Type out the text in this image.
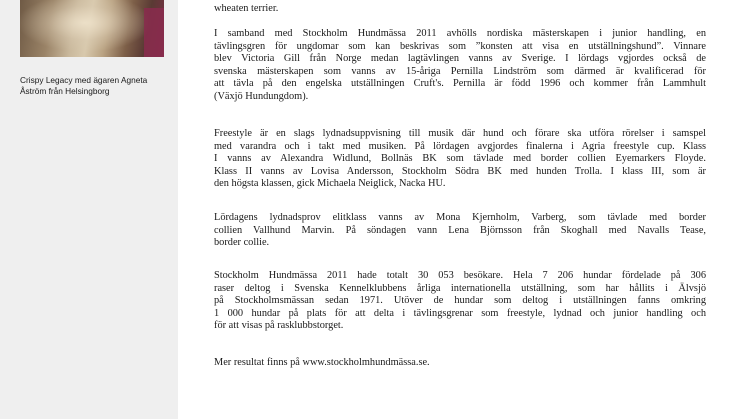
Crispy Legacy med ägaren Agneta
Åström från Helsingborg

wheaten terrier.
I samband med Stockholm Hundmässa 2011 avhölls nordiska mästerskapen i junior handling, en
tävlingsgren för ungdomar som kan beskrivas som ”konsten att visa en utställningshund”. Vinnare
blev Victoria Gill från Norge medan lagtävlingen vanns av Sverige. I lördags vgjordes också de
svenska mästerskapen som vanns av 15-åriga Pernilla Lindström som därmed är kvalificerad för
att tävla på den engelska utställningen Cruft's. Pernilla är född 1996 och kommer från Lammhult
(Växjö Hundungdom).
Freestyle är en slags lydnadsuppvisning till musik där hund och förare ska utföra rörelser i samspel
med varandra och i takt med musiken. På lördagen avgjordes finalerna i Agria freestyle cup. Klass
I vanns av Alexandra Widlund, Bollnäs BK som tävlade med border collien Eyemarkers Floyde.
Klass II vanns av Lovisa Andersson, Stockholm Södra BK med hunden Trolla. I klass III, som är
den högsta klassen, gick Michaela Neiglick, Nacka HU.
Lördagens lydnadsprov elitklass vanns av Mona Kjernholm, Varberg, som tävlade med border
collien Vallhund Marvin. På söndagen vann Lena Björnsson från Skoghall med Navalls Tease,
border collie.
Stockholm Hundmässa 2011 hade totalt 30 053 besökare. Hela 7 206 hundar fördelade på 306
raser deltog i Svenska Kennelklubbens årliga internationella utställning, som har hållits i Älvsjö
på Stockholmsmässan sedan 1971. Utöver de hundar som deltog i utställningen fanns omkring
1 000 hundar på plats för att delta i tävlingsgrenar som freestyle, lydnad och junior handling och
för att visas på rasklubbstorget.
Mer resultat finns på www.stockholmhundmässa.se.
